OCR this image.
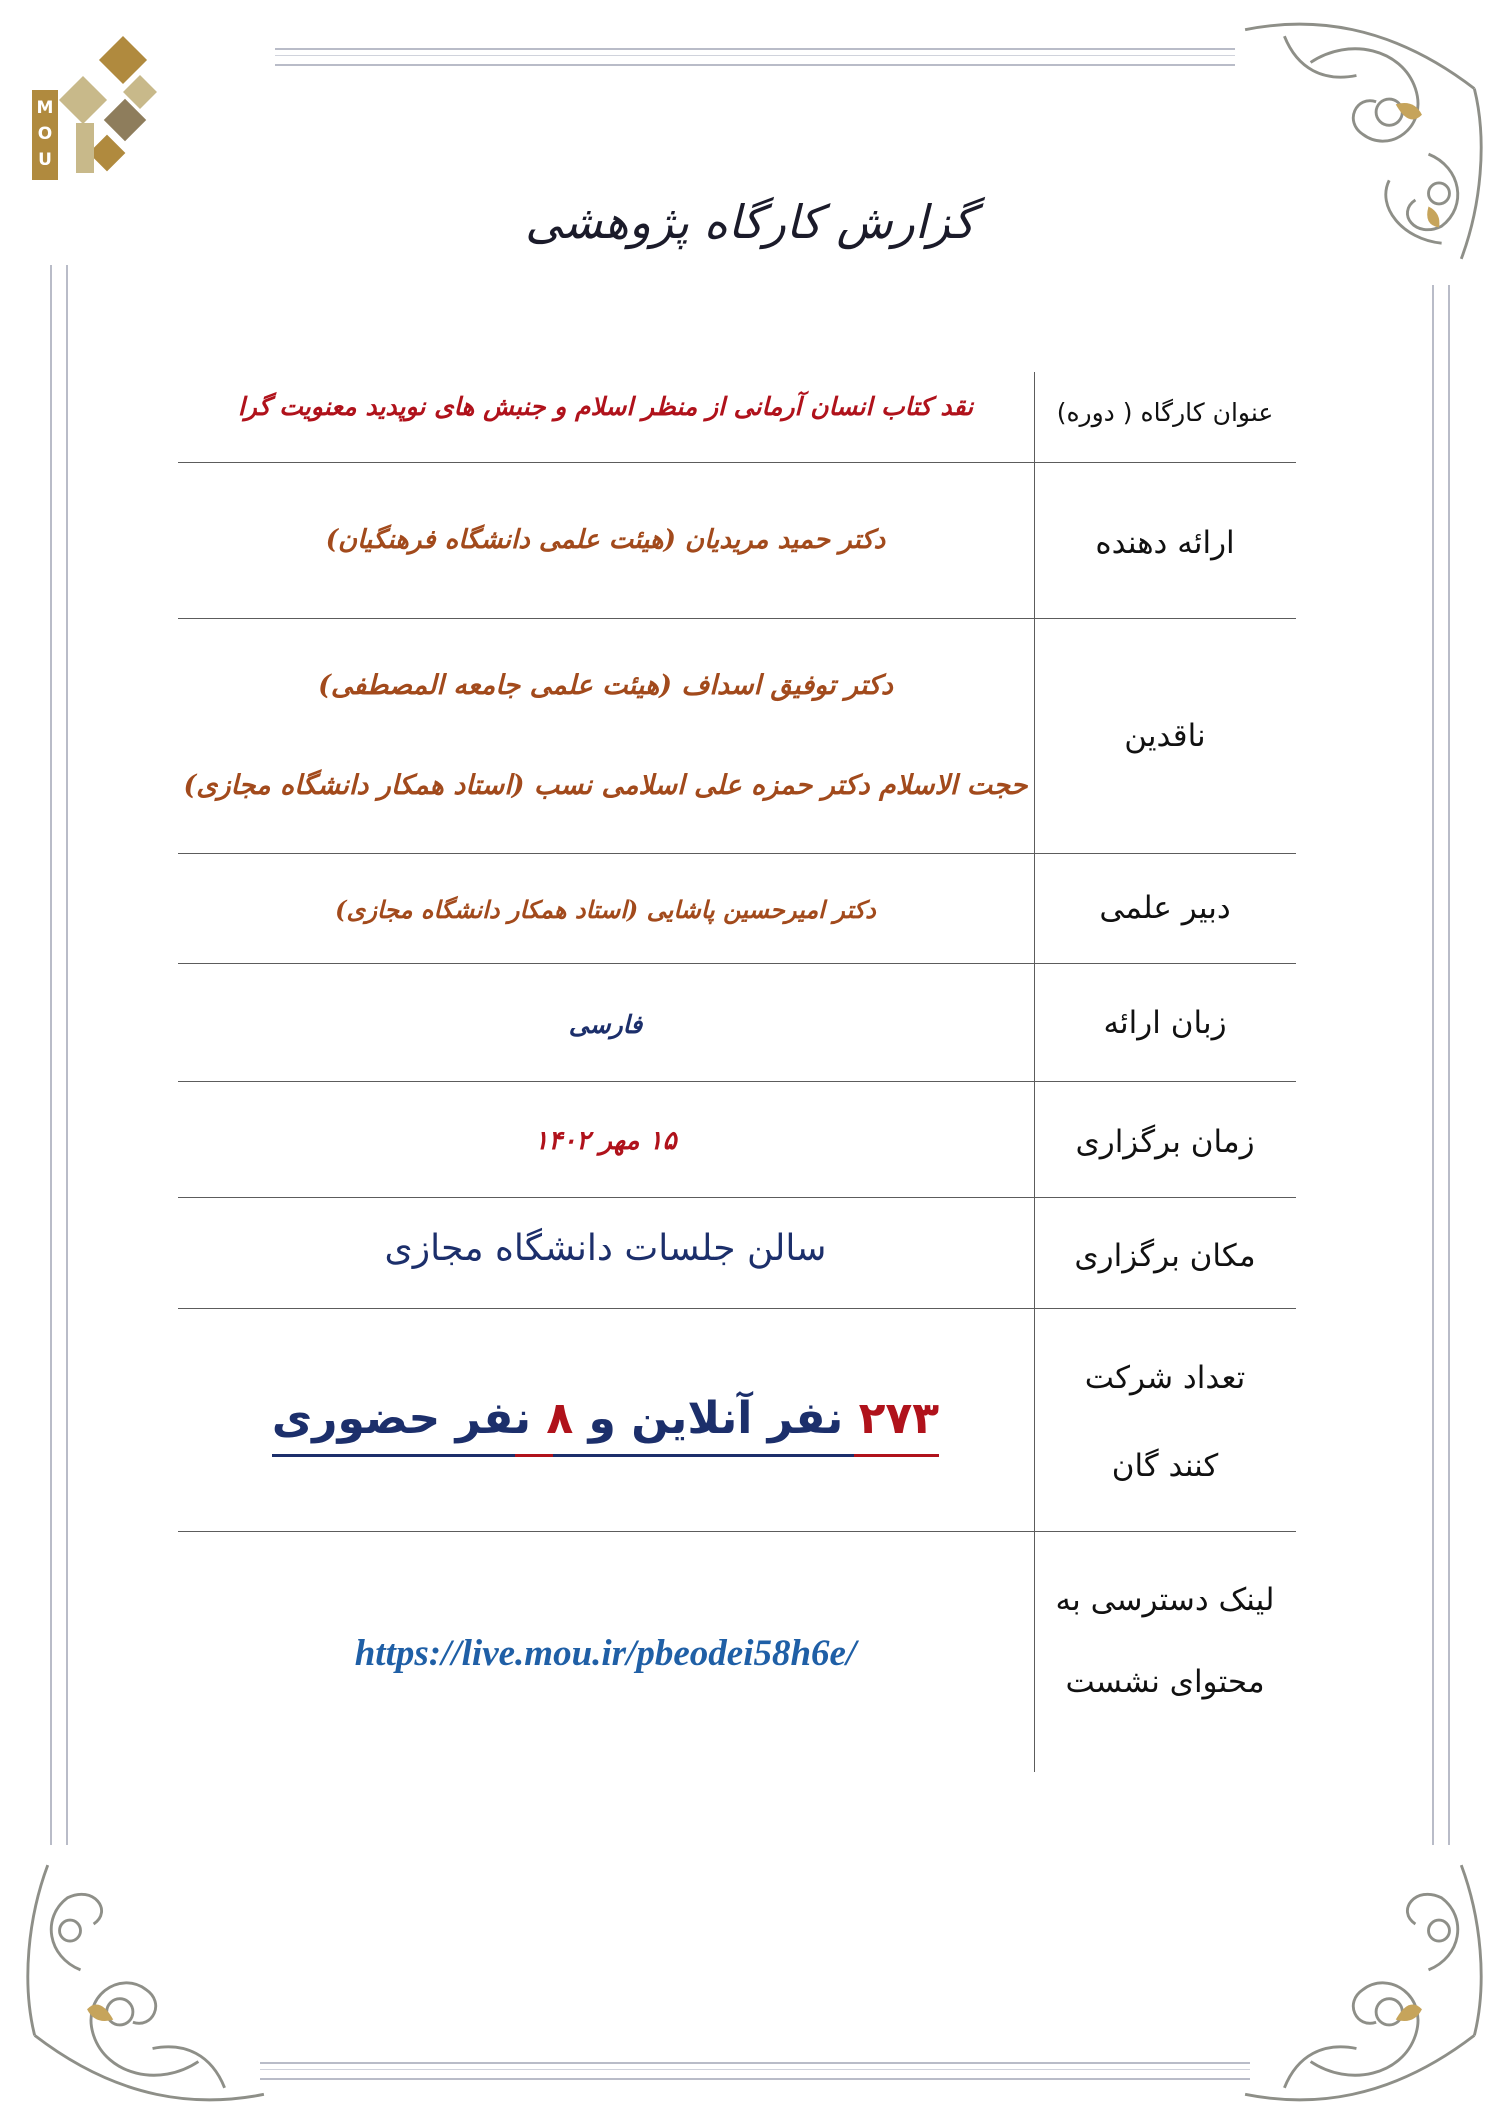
M
O
U
گزارش کارگاه پژوهشی
عنوان کارگاه ( دوره)
نقد کتاب انسان آرمانی از منظر اسلام و جنبش های نوپدید معنویت گرا
ارائه دهنده
دکتر حمید مریدیان (هیئت علمی دانشگاه فرهنگیان)
ناقدین
دکتر توفیق اسداف (هیئت علمی جامعه المصطفی)
حجت الاسلام دکتر حمزه علی اسلامی نسب (استاد همکار دانشگاه مجازی)
دبیر علمی
دکتر امیرحسین پاشایی (استاد همکار دانشگاه مجازی)
زبان ارائه
فارسی
زمان برگزاری
۱۵ مهر ۱۴۰۲
مکان برگزاری
سالن جلسات دانشگاه مجازی
تعداد شرکت
کنند گان
۲۷۳ نفر آنلاین و ۸ نفر حضوری
لینک دسترسی به
محتوای نشست
https://live.mou.ir/pbeodei58h6e/
